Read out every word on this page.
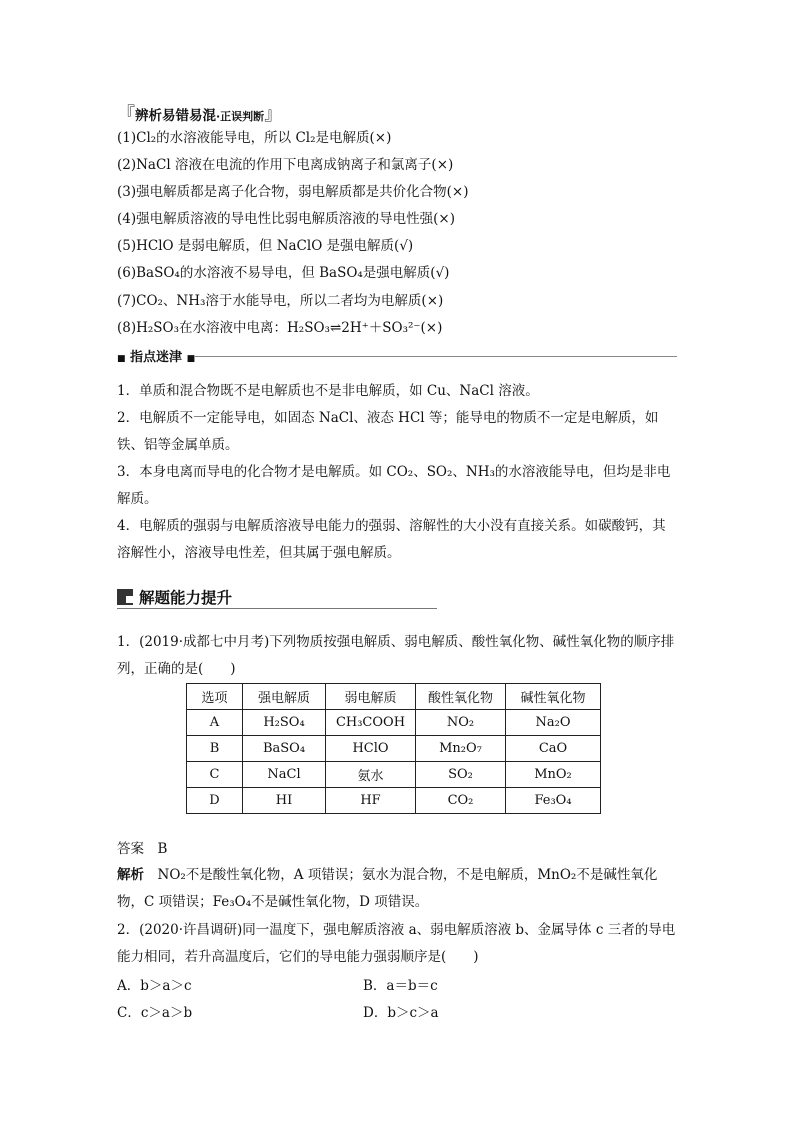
『辨析易错易混·正误判断』
(1)Cl₂的水溶液能导电，所以 Cl₂是电解质(×)
(2)NaCl 溶液在电流的作用下电离成钠离子和氯离子(×)
(3)强电解质都是离子化合物，弱电解质都是共价化合物(×)
(4)强电解质溶液的导电性比弱电解质溶液的导电性强(×)
(5)HClO 是弱电解质，但 NaClO 是强电解质(√)
(6)BaSO₄的水溶液不易导电，但 BaSO₄是强电解质(√)
(7)CO₂、NH₃溶于水能导电，所以二者均为电解质(×)
(8)H₂SO₃在水溶液中电离：H₂SO₃⇌2H⁺＋SO₃²⁻(×)
■ 指点迷津 ■
1．单质和混合物既不是电解质也不是非电解质，如 Cu、NaCl 溶液。
2．电解质不一定能导电，如固态 NaCl、液态 HCl 等；能导电的物质不一定是电解质，如铁、铝等金属单质。
3．本身电离而导电的化合物才是电解质。如 CO₂、SO₂、NH₃的水溶液能导电，但均是非电解质。
4．电解质的强弱与电解质溶液导电能力的强弱、溶解性的大小没有直接关系。如碳酸钙，其溶解性小，溶液导电性差，但其属于强电解质。
解题能力提升
1．(2019·成都七中月考)下列物质按强电解质、弱电解质、酸性氧化物、碱性氧化物的顺序排列，正确的是(　　)
选项	强电解质	弱电解质	酸性氧化物	碱性氧化物
A	H₂SO₄	CH₃COOH	NO₂	Na₂O
B	BaSO₄	HClO	Mn₂O₇	CaO
C	NaCl	氨水	SO₂	MnO₂
D	HI	HF	CO₂	Fe₃O₄
答案　 B
解析　 NO₂不是酸性氧化物，A 项错误；氨水为混合物，不是电解质，MnO₂不是碱性氧化物，C 项错误；Fe₃O₄不是碱性氧化物，D 项错误。
2．(2020·许昌调研)同一温度下，强电解质溶液 a、弱电解质溶液 b、金属导体 c 三者的导电能力相同，若升高温度后，它们的导电能力强弱顺序是(　　)
A．b＞a＞c	B．a＝b＝c
C．c＞a＞b	D．b＞c＞a
